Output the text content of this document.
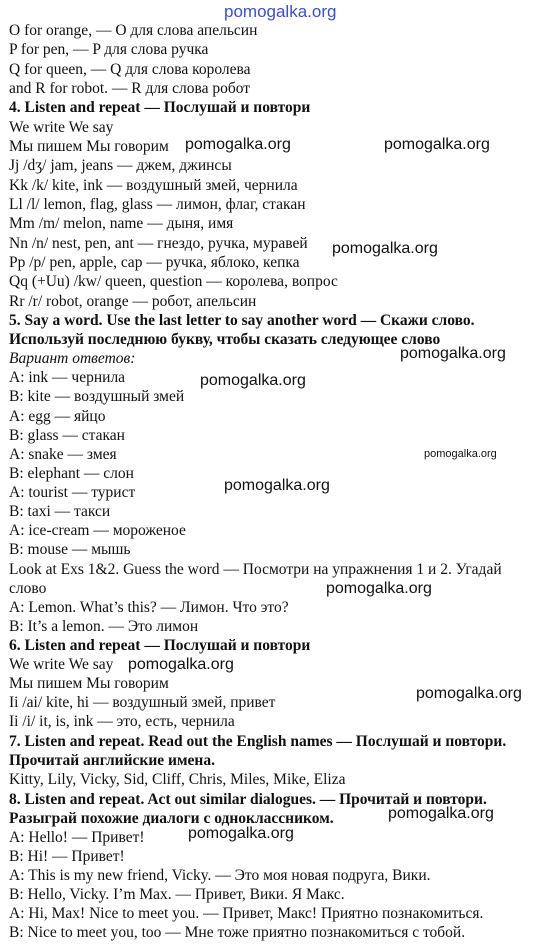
O for orange, — O для слова апельсин
P for pen, — P для слова ручка
Q for queen, — Q для слова королева
and R for robot. — R для слова робот
4. Listen and repeat — Послушай и повтори
We write We say
Мы пишем Мы говорим
Jj /dʒ/ jam, jeans — джем, джинсы
Kk /k/ kite, ink — воздушный змей, чернила
Ll /l/ lemon, flag, glass — лимон, флаг, стакан
Mm /m/ melon, name — дыня, имя
Nn /n/ nest, pen, ant — гнездо, ручка, муравей
Pp /p/ pen, apple, cap — ручка, яблоко, кепка
Qq (+Uu) /kw/ queen, question — королева, вопрос
Rr /r/ robot, orange — робот, апельсин
5. Say a word. Use the last letter to say another word — Скажи слово.
Используй последнюю букву, чтобы сказать следующее слово
Вариант ответов:
A: ink — чернила
B: kite — воздушный змей
A: egg — яйцо
B: glass — стакан
A: snake — змея
B: elephant — слон
A: tourist — турист
B: taxi — такси
A: ice-cream — мороженое
B: mouse — мышь
Look at Exs 1&2. Guess the word — Посмотри на упражнения 1 и 2. Угадай
слово
A: Lemon. What’s this? — Лимон. Что это?
B: It’s a lemon. — Это лимон
6. Listen and repeat — Послушай и повтори
We write We say
Мы пишем Мы говорим
Ii /ai/ kite, hi — воздушный змей, привет
Ii /i/ it, is, ink — это, есть, чернила
7. Listen and repeat. Read out the English names — Послушай и повтори.
Прочитай английские имена.
Kitty, Lily, Vicky, Sid, Cliff, Chris, Miles, Mike, Eliza
8. Listen and repeat. Act out similar dialogues. — Прочитай и повтори.
Разыграй похожие диалоги с одноклассником.
A: Hello! — Привет!
B: Hi! — Привет!
A: This is my new friend, Vicky. — Это моя новая подруга, Вики.
B: Hello, Vicky. I’m Max. — Привет, Вики. Я Макс.
A: Hi, Max! Nice to meet you. — Привет, Макс! Приятно познакомиться.
B: Nice to meet you, too — Мне тоже приятно познакомиться с тобой.
pomogalka.org
pomogalka.org	pomogalka.org
pomogalka.org
pomogalka.org
pomogalka.org
pomogalka.org
pomogalka.org
pomogalka.org
pomogalka.org
pomogalka.org
pomogalka.org
pomogalka.org
